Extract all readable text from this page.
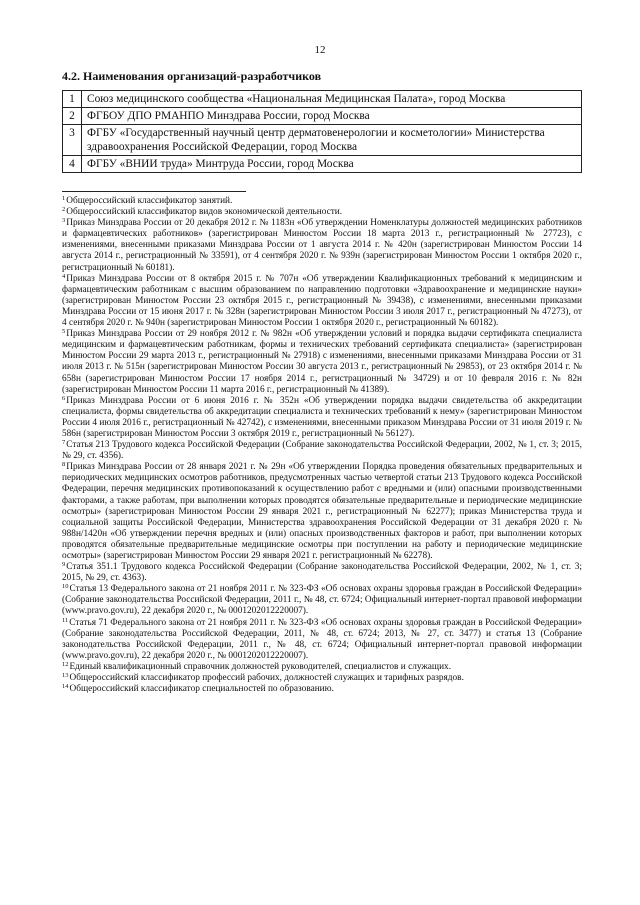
12
4.2. Наименования организаций-разработчиков
1	Союз медицинского сообщества «Национальная Медицинская Палата», город Москва
2	ФГБОУ ДПО РМАНПО Минздрава России, город Москва
3	ФГБУ «Государственный научный центр дерматовенерологии и косметологии» Министерства здравоохранения Российской Федерации, город Москва
4	ФГБУ «ВНИИ труда» Минтруда России, город Москва

$^1$Общероссийский классификатор занятий.

$^2$Общероссийский классификатор видов экономической деятельности.

$^3$Приказ Минздрава России от 20 декабря 2012 г. № 1183н «Об утверждении Номенклатуры должностей медицинских работников и фармацевтических работников» (зарегистрирован Минюстом России 18 марта 2013 г., регистрационный № 27723), с изменениями, внесенными приказами Минздрава России от 1 августа 2014 г. № 420н (зарегистрирован Минюстом России 14 августа 2014 г., регистрационный № 33591), от 4 сентября 2020 г. № 939н (зарегистрирован Минюстом России 1 октября 2020 г., регистрационный № 60181).

$^4$Приказ Минздрава России от 8 октября 2015 г. № 707н «Об утверждении Квалификационных требований к медицинским и фармацевтическим работникам с высшим образованием по направлению подготовки «Здравоохранение и медицинские науки» (зарегистрирован Минюстом России 23 октября 2015 г., регистрационный № 39438), с изменениями, внесенными приказами Минздрава России от 15 июня 2017 г. № 328н (зарегистрирован Минюстом России 3 июля 2017 г., регистрационный № 47273), от 4 сентября 2020 г. № 940н (зарегистрирован Минюстом России 1 октября 2020 г., регистрационный № 60182).

$^5$Приказ Минздрава России от 29 ноября 2012 г. № 982н «Об утверждении условий и порядка выдачи сертификата специалиста медицинским и фармацевтическим работникам, формы и технических требований сертификата специалиста» (зарегистрирован Минюстом России 29 марта 2013 г., регистрационный № 27918) с изменениями, внесенными приказами Минздрава России от 31 июля 2013 г. № 515н (зарегистрирован Минюстом России 30 августа 2013 г., регистрационный № 29853), от 23 октября 2014 г. № 658н (зарегистрирован Минюстом России 17 ноября 2014 г., регистрационный № 34729) и от 10 февраля 2016 г. № 82н (зарегистрирован Минюстом России 11 марта 2016 г., регистрационный № 41389).

$^6$Приказ Минздрава России от 6 июня 2016 г. № 352н «Об утверждении порядка выдачи свидетельства об аккредитации специалиста, формы свидетельства об аккредитации специалиста и технических требований к нему» (зарегистрирован Минюстом России 4 июля 2016 г., регистрационный № 42742), с изменениями, внесенными приказом Минздрава России от 31 июля 2019 г. № 586н (зарегистрирован Минюстом России 3 октября 2019 г., регистрационный № 56127).

$^7$Статья 213 Трудового кодекса Российской Федерации (Собрание законодательства Российской Федерации, 2002, № 1, ст. 3; 2015, № 29, ст. 4356).

$^8$Приказ Минздрава России от 28 января 2021 г. № 29н «Об утверждении Порядка проведения обязательных предварительных и периодических медицинских осмотров работников, предусмотренных частью четвертой статьи 213 Трудового кодекса Российской Федерации, перечня медицинских противопоказаний к осуществлению работ с вредными и (или) опасными производственными факторами, а также работам, при выполнении которых проводятся обязательные предварительные и периодические медицинские осмотры» (зарегистрирован Минюстом России 29 января 2021 г., регистрационный № 62277); приказ Министерства труда и социальной защиты Российской Федерации, Министерства здравоохранения Российской Федерации от 31 декабря 2020 г. № 988н/1420н «Об утверждении перечня вредных и (или) опасных производственных факторов и работ, при выполнении которых проводятся обязательные предварительные медицинские осмотры при поступлении на работу и периодические медицинские осмотры» (зарегистрирован Минюстом России 29 января 2021 г. регистрационный № 62278).

$^9$Статья 351.1 Трудового кодекса Российской Федерации (Собрание законодательства Российской Федерации, 2002, № 1, ст. 3; 2015, № 29, ст. 4363).

$^{10}$Статья 13 Федерального закона от 21 ноября 2011 г. № 323-ФЗ «Об основах охраны здоровья граждан в Российской Федерации» (Собрание законодательства Российской Федерации, 2011 г., № 48, ст. 6724; Официальный интернет-портал правовой информации (www.pravo.gov.ru), 22 декабря 2020 г., № 0001202012220007).

$^{11}$Статья 71 Федерального закона от 21 ноября 2011 г. № 323-ФЗ «Об основах охраны здоровья граждан в Российской Федерации» (Собрание законодательства Российской Федерации, 2011, № 48, ст. 6724; 2013, № 27, ст. 3477) и статья 13 (Собрание законодательства Российской Федерации, 2011 г., № 48, ст. 6724; Официальный интернет-портал правовой информации (www.pravo.gov.ru), 22 декабря 2020 г., № 0001202012220007).

$^{12}$Единый квалификационный справочник должностей руководителей, специалистов и служащих.

$^{13}$Общероссийский классификатор профессий рабочих, должностей служащих и тарифных разрядов.

$^{14}$Общероссийский классификатор специальностей по образованию.
